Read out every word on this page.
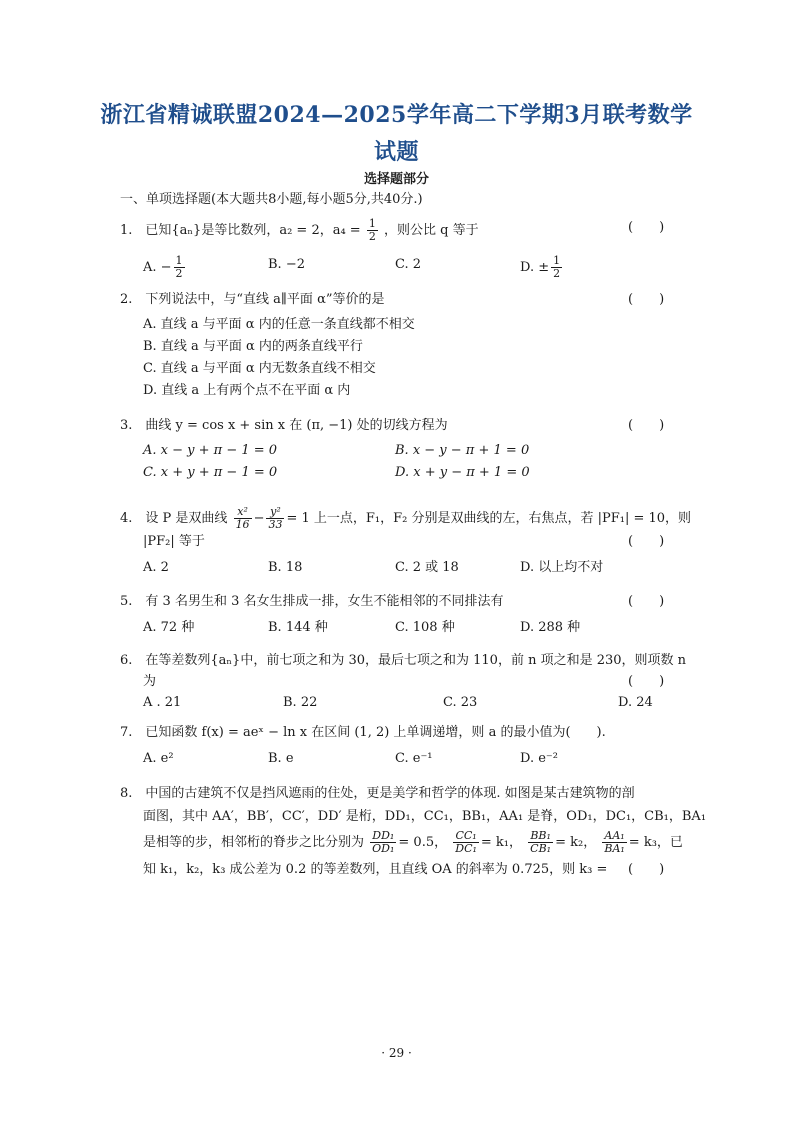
浙江省精诚联盟2024—2025学年高二下学期3月联考数学
试题
选择题部分
一、单项选择题(本大题共8小题,每小题5分,共40分.)
1.　已知{aₙ}是等比数列，a₂ = 2，$a_4 = \frac{1}{2}$ ，则公比 q 等于	(　　)
A. − $\frac{1}{2}$	B. −2	C. 2	D. ± $\frac{1}{2}$
2.　下列说法中，与“直线 a∥平面 α”等价的是	(　　)
A. 直线 a 与平面 α 内的任意一条直线都不相交
B. 直线 a 与平面 α 内的两条直线平行
C. 直线 a 与平面 α 内无数条直线不相交
D. 直线 a 上有两个点不在平面 α 内
3.　曲线 y = cos x + sin x 在 (π, −1) 处的切线方程为	(　　)
A. x − y + π − 1 = 0	B. x − y − π + 1 = 0
C. x + y + π − 1 = 0	D. x + y − π + 1 = 0
4.　设 P 是双曲线 $\frac{\text{x²}}{16} - \frac{\text{y²}}{33} = 1$ 上一点，F₁，F₂ 分别是双曲线的左，右焦点，若 |PF₁| = 10，则
|PF₂| 等于	(　　)
A. 2	B. 18	C. 2 或 18	D. 以上均不对
5.　有 3 名男生和 3 名女生排成一排，女生不能相邻的不同排法有	(　　)
A. 72 种	B. 144 种	C. 108 种	D. 288 种
6.　在等差数列{aₙ}中，前七项之和为 30，最后七项之和为 110，前 n 项之和是 230，则项数 n
为	(　　)
A . 21	B. 22	C. 23	D. 24
7.　已知函数 f(x) = aeˣ − ln x 在区间 (1, 2) 上单调递增，则 a 的最小值为(　　).
A. e²	B. e	C. e⁻¹	D. e⁻²
8.　中国的古建筑不仅是挡风遮雨的住处，更是美学和哲学的体现. 如图是某古建筑物的剖
面图，其中 AA′，BB′，CC′，DD′ 是桁，DD₁，CC₁，BB₁，AA₁ 是脊，OD₁，DC₁，CB₁，BA₁
是相等的步，相邻桁的脊步之比分别为 $\frac{\text{DD₁}}{\text{OD₁}} = 0.5$， $\frac{\text{CC₁}}{\text{DC₁}} = k_1$， $\frac{\text{BB₁}}{\text{CB₁}} = k_2$， $\frac{\text{AA₁}}{\text{BA₁}} = k_3$，已
知 k₁，k₂，k₃ 成公差为 0.2 的等差数列，且直线 OA 的斜率为 0.725，则 k₃ = (　　)
· 29 ·
